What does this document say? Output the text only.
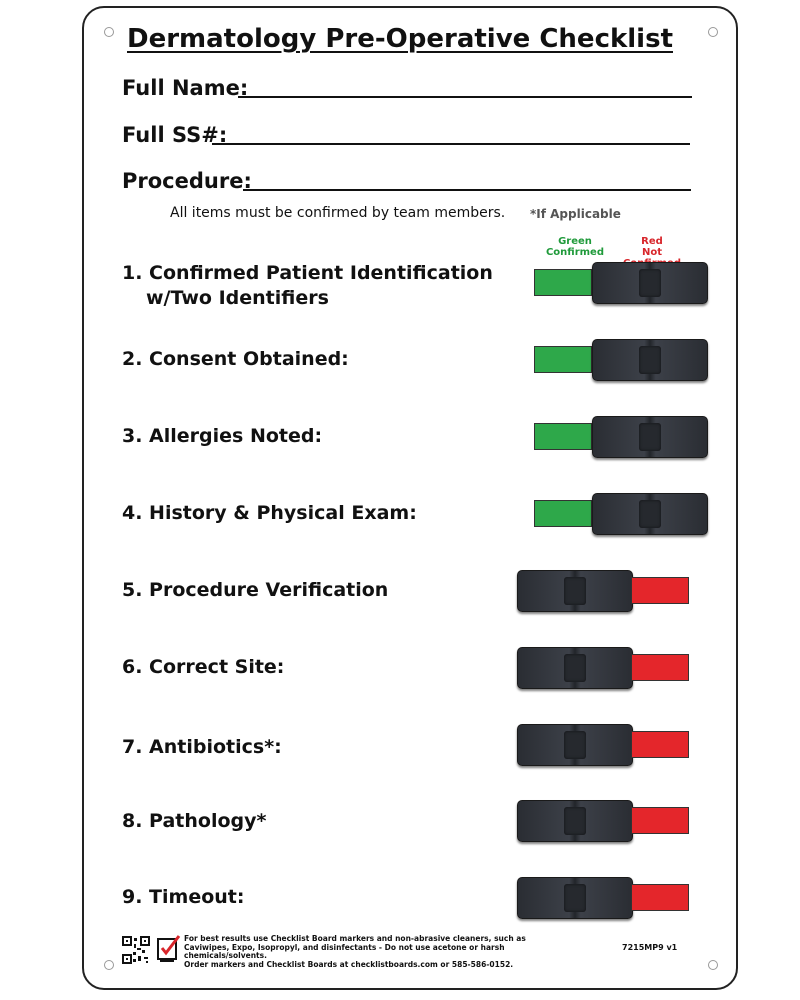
Dermatology Pre-Operative Checklist
Full Name:
Full SS#:
Procedure:
All items must be confirmed by team members. *If Applicable
Green
Confirmed
Red
Not
1. Confirmed Patient Identification
w/Two Identifiers
2. Consent Obtained:
3. Allergies Noted:
4. History & Physical Exam:
5. Procedure Verification
6. Correct Site:
7. Antibiotics*:
8. Pathology*
9. Timeout:
For best results use Checklist Board markers and non-abrasive cleaners, such as
Caviwipes, Expo, Isopropyl, and disinfectants - Do not use acetone or harsh chemicals/solvents.
Order markers and Checklist Boards at checklistboards.com or 585-586-0152.
7215MP9 v1
